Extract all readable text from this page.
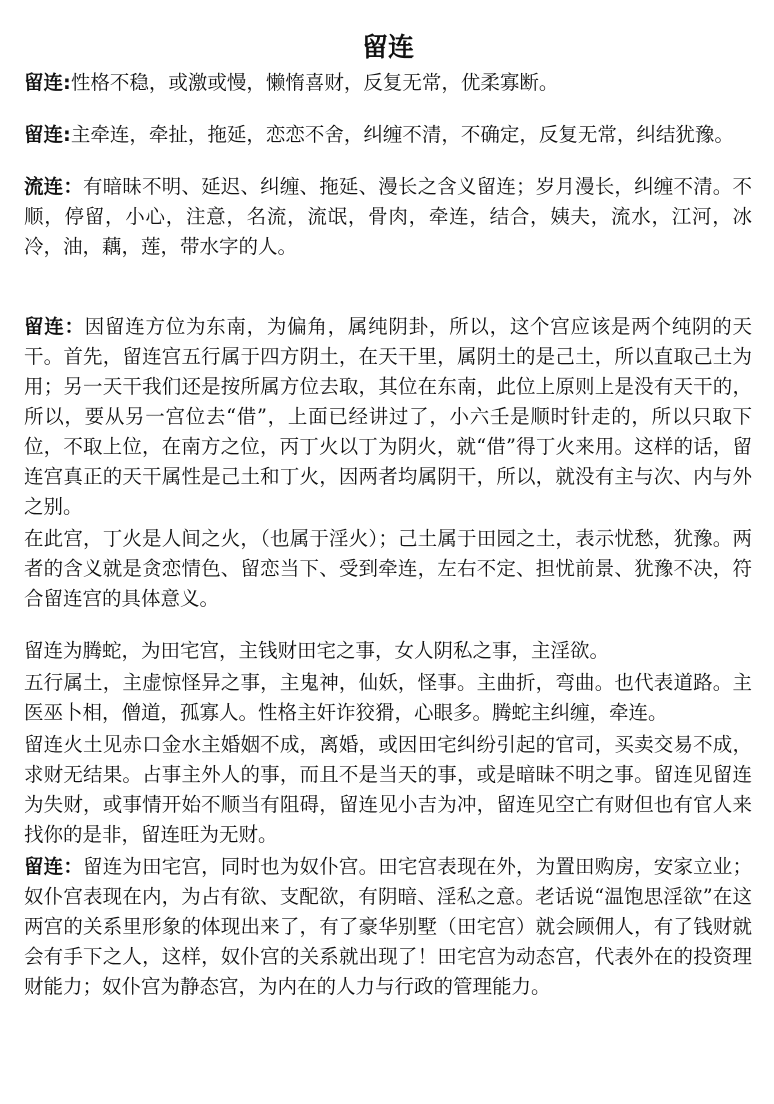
留连

留连:性格不稳，或激或慢，懒惰喜财，反复无常，优柔寡断。

留连:主牵连，牵扯，拖延，恋恋不舍，纠缠不清，不确定，反复无常，纠结犹豫。

流连：有暗昧不明、延迟、纠缠、拖延、漫长之含义留连；岁月漫长，纠缠不清。不顺，停留，小心，注意，名流，流氓，骨肉，牵连，结合，姨夫，流水，江河，冰冷，油，藕，莲，带水字的人。

留连：因留连方位为东南，为偏角，属纯阴卦，所以，这个宫应该是两个纯阴的天干。首先，留连宫五行属于四方阴土，在天干里，属阴土的是己土，所以直取己土为用；另一天干我们还是按所属方位去取，其位在东南，此位上原则上是没有天干的，所以，要从另一宫位去“借”，上面已经讲过了，小六壬是顺时针走的，所以只取下位，不取上位，在南方之位，丙丁火以丁为阴火，就“借”得丁火来用。这样的话，留连宫真正的天干属性是己土和丁火，因两者均属阴干，所以，就没有主与次、内与外之别。

在此宫，丁火是人间之火，（也属于淫火）；己土属于田园之土，表示忧愁，犹豫。两者的含义就是贪恋情色、留恋当下、受到牵连，左右不定、担忧前景、犹豫不决，符合留连宫的具体意义。

留连为腾蛇，为田宅宫，主钱财田宅之事，女人阴私之事，主淫欲。

五行属土，主虚惊怪异之事，主鬼神，仙妖，怪事。主曲折，弯曲。也代表道路。主医巫卜相，僧道，孤寡人。性格主奸诈狡猾，心眼多。腾蛇主纠缠，牵连。

留连火土见赤口金水主婚姻不成，离婚，或因田宅纠纷引起的官司，买卖交易不成，求财无结果。占事主外人的事，而且不是当天的事，或是暗昧不明之事。留连见留连为失财，或事情开始不顺当有阻碍，留连见小吉为冲，留连见空亡有财但也有官人来找你的是非，留连旺为无财。

留连：留连为田宅宫，同时也为奴仆宫。田宅宫表现在外，为置田购房，安家立业；奴仆宫表现在内，为占有欲、支配欲，有阴暗、淫私之意。老话说“温饱思淫欲”在这两宫的关系里形象的体现出来了，有了豪华别墅（田宅宫）就会顾佣人，有了钱财就会有手下之人，这样，奴仆宫的关系就出现了！田宅宫为动态宫，代表外在的投资理财能力；奴仆宫为静态宫，为内在的人力与行政的管理能力。
